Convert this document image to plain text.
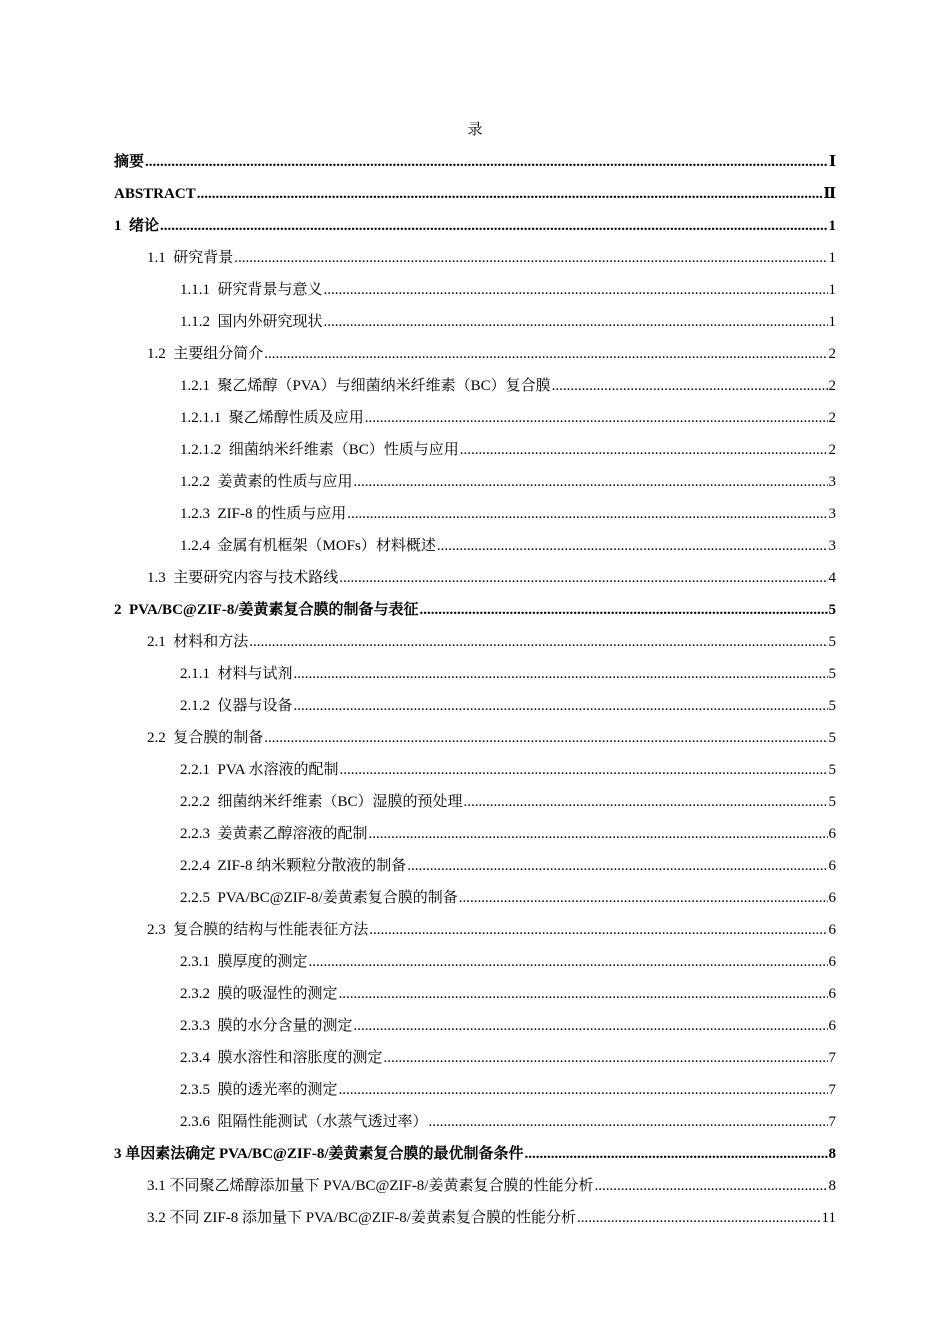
录
摘要 .....	Ⅰ
ABSTRACT .....	Ⅱ
1 绪论 .....	1
1.1 研究背景 .....	1
1.1.1 研究背景与意义 .....	1
1.1.2 国内外研究现状 .....	1
1.2 主要组分简介 .....	2
1.2.1 聚乙烯醇（PVA）与细菌纳米纤维素（BC）复合膜 .....	2
1.2.1.1 聚乙烯醇性质及应用 .....	2
1.2.1.2 细菌纳米纤维素（BC）性质与应用 .....	2
1.2.2 姜黄素的性质与应用 .....	3
1.2.3 ZIF-8 的性质与应用 .....	3
1.2.4 金属有机框架（MOFs）材料概述 .....	3
1.3 主要研究内容与技术路线 .....	4
2 PVA/BC@ZIF-8/姜黄素复合膜的制备与表征 .....	5
2.1 材料和方法 .....	5
2.1.1 材料与试剂 .....	5
2.1.2 仪器与设备 .....	5
2.2 复合膜的制备 .....	5
2.2.1 PVA 水溶液的配制 .....	5
2.2.2 细菌纳米纤维素（BC）湿膜的预处理 .....	5
2.2.3 姜黄素乙醇溶液的配制 .....	6
2.2.4 ZIF-8 纳米颗粒分散液的制备 .....	6
2.2.5 PVA/BC@ZIF-8/姜黄素复合膜的制备 .....	6
2.3 复合膜的结构与性能表征方法 .....	6
2.3.1 膜厚度的测定 .....	6
2.3.2 膜的吸湿性的测定 .....	6
2.3.3 膜的水分含量的测定 .....	6
2.3.4 膜水溶性和溶胀度的测定 .....	7
2.3.5 膜的透光率的测定 .....	7
2.3.6 阻隔性能测试（水蒸气透过率） .....	7
3 单因素法确定 PVA/BC@ZIF-8/姜黄素复合膜的最优制备条件 .....	8
3.1 不同聚乙烯醇添加量下 PVA/BC@ZIF-8/姜黄素复合膜的性能分析 .....	8
3.2 不同 ZIF-8 添加量下 PVA/BC@ZIF-8/姜黄素复合膜的性能分析 .....	11
